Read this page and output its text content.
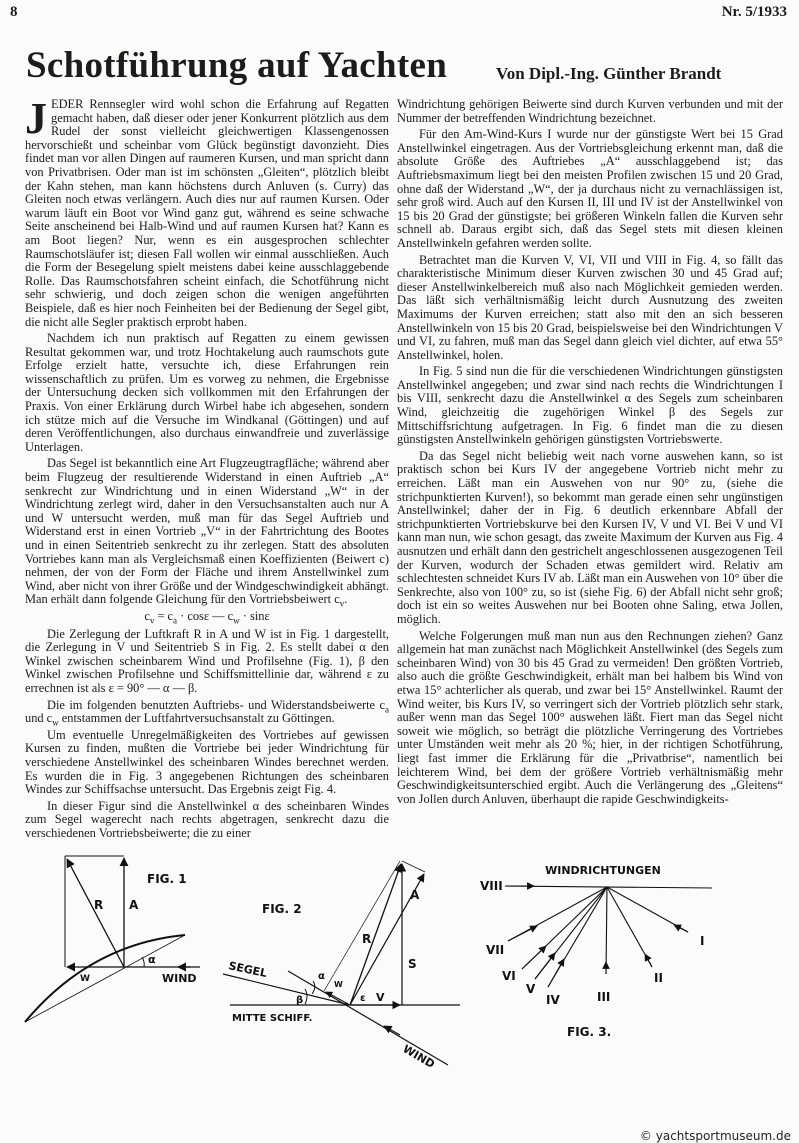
8	Nr. 5/1933
Schotführung auf Yachten	Von Dipl.-Ing. Günther Brandt

JEDER Rennsegler wird wohl schon die Erfahrung auf Regatten gemacht haben, daß dieser oder jener Konkurrent plötzlich aus dem Rudel der sonst vielleicht gleichwertigen Klassengenossen hervorschießt und scheinbar vom Glück begünstigt davonzieht. Dies findet man vor allen Dingen auf raumeren Kursen, und man spricht dann von Privatbrisen. Oder man ist im schönsten „Gleiten“, plötzlich bleibt der Kahn stehen, man kann höchstens durch Anluven (s. Curry) das Gleiten noch etwas verlängern. Auch dies nur auf raumen Kursen. Oder warum läuft ein Boot vor Wind ganz gut, während es seine schwache Seite anscheinend bei Halb-Wind und auf raumen Kursen hat? Kann es am Boot liegen? Nur, wenn es ein ausgesprochen schlechter Raumschotsläufer ist; diesen Fall wollen wir einmal ausschließen. Auch die Form der Besegelung spielt meistens dabei keine ausschlaggebende Rolle. Das Raumschotsfahren scheint einfach, die Schotführung nicht sehr schwierig, und doch zeigen schon die wenigen angeführten Beispiele, daß es hier noch Feinheiten bei der Bedienung der Segel gibt, die nicht alle Segler praktisch erprobt haben.

Nachdem ich nun praktisch auf Regatten zu einem gewissen Resultat gekommen war, und trotz Hochtakelung auch raumschots gute Erfolge erzielt hatte, versuchte ich, diese Erfahrungen rein wissenschaftlich zu prüfen. Um es vorweg zu nehmen, die Ergebnisse der Untersuchung decken sich vollkommen mit den Erfahrungen der Praxis. Von einer Erklärung durch Wirbel habe ich abgesehen, sondern ich stütze mich auf die Versuche im Windkanal (Göttingen) und auf deren Veröffentlichungen, also durchaus einwandfreie und zuverlässige Unterlagen.

Das Segel ist bekanntlich eine Art Flugzeugtragfläche; während aber beim Flugzeug der resultierende Widerstand in einen Auftrieb „A“ senkrecht zur Windrichtung und in einen Widerstand „W“ in der Windrichtung zerlegt wird, daher in den Versuchsanstalten auch nur A und W untersucht werden, muß man für das Segel Auftrieb und Widerstand erst in einen Vortrieb „V“ in der Fahrtrichtung des Bootes und in einen Seitentrieb senkrecht zu ihr zerlegen. Statt des absoluten Vortriebes kann man als Vergleichsmaß einen Koeffizienten (Beiwert c) nehmen, der von der Form der Fläche und ihrem Anstellwinkel zum Wind, aber nicht von ihrer Größe und der Windgeschwindigkeit abhängt. Man erhält dann folgende Gleichung für den Vortriebsbeiwert $c_v$.

$c_v = c_a \cdot \cos\varepsilon$ — $c_w \cdot \sin\varepsilon$

Die Zerlegung der Luftkraft R in A und W ist in Fig. 1 dargestellt, die Zerlegung in V und Seitentrieb S in Fig. 2. Es stellt dabei α den Winkel zwischen scheinbarem Wind und Profilsehne (Fig. 1), β den Winkel zwischen Profilsehne und Schiffsmittellinie dar, während ε zu errechnen ist als ε = 90° — α — β.

Die im folgenden benutzten Auftriebs- und Widerstandsbeiwerte $c_a$ und $c_w$ entstammen der Luftfahrtversuchsanstalt zu Göttingen.

Um eventuelle Unregelmäßigkeiten des Vortriebes auf gewissen Kursen zu finden, mußten die Vortriebe bei jeder Windrichtung für verschiedene Anstellwinkel des scheinbaren Windes berechnet werden. Es wurden die in Fig. 3 angegebenen Richtungen des scheinbaren Windes zur Schiffsachse untersucht. Das Ergebnis zeigt Fig. 4.

In dieser Figur sind die Anstellwinkel α des scheinbaren Windes zum Segel wagerecht nach rechts abgetragen, senkrecht dazu die verschiedenen Vortriebsbeiwerte; die zu einer

Windrichtung gehörigen Beiwerte sind durch Kurven verbunden und mit der Nummer der betreffenden Windrichtung bezeichnet.

Für den Am-Wind-Kurs I wurde nur der günstigste Wert bei 15 Grad Anstellwinkel eingetragen. Aus der Vortriebsgleichung erkennt man, daß die absolute Größe des Auftriebes „A“ ausschlaggebend ist; das Auftriebsmaximum liegt bei den meisten Profilen zwischen 15 und 20 Grad, ohne daß der Widerstand „W“, der ja durchaus nicht zu vernachlässigen ist, sehr groß wird. Auch auf den Kursen II, III und IV ist der Anstellwinkel von 15 bis 20 Grad der günstigste; bei größeren Winkeln fallen die Kurven sehr schnell ab. Daraus ergibt sich, daß das Segel stets mit diesen kleinen Anstellwinkeln gefahren werden sollte.

Betrachtet man die Kurven V, VI, VII und VIII in Fig. 4, so fällt das charakteristische Minimum dieser Kurven zwischen 30 und 45 Grad auf; dieser Anstellwinkelbereich muß also nach Möglichkeit gemieden werden. Das läßt sich verhältnismäßig leicht durch Ausnutzung des zweiten Maximums der Kurven erreichen; statt also mit den an sich besseren Anstellwinkeln von 15 bis 20 Grad, beispielsweise bei den Windrichtungen V und VI, zu fahren, muß man das Segel dann gleich viel dichter, auf etwa 55° Anstellwinkel, holen.

In Fig. 5 sind nun die für die verschiedenen Windrichtungen günstigsten Anstellwinkel angegeben; und zwar sind nach rechts die Windrichtungen I bis VIII, senkrecht dazu die Anstellwinkel α des Segels zum scheinbaren Wind, gleichzeitig die zugehörigen Winkel β des Segels zur Mittschiffsrichtung aufgetragen. In Fig. 6 findet man die zu diesen günstigsten Anstellwinkeln gehörigen günstigsten Vortriebswerte.

Da das Segel nicht beliebig weit nach vorne auswehen kann, so ist praktisch schon bei Kurs IV der angegebene Vortrieb nicht mehr zu erreichen. Läßt man ein Auswehen von nur 90° zu, (siehe die strichpunktierten Kurven!), so bekommt man gerade einen sehr ungünstigen Anstellwinkel; daher der in Fig. 6 deutlich erkennbare Abfall der strichpunktierten Vortriebskurve bei den Kursen IV, V und VI. Bei V und VI kann man nun, wie schon gesagt, das zweite Maximum der Kurven aus Fig. 4 ausnutzen und erhält dann den gestrichelt angeschlossenen ausgezogenen Teil der Kurven, wodurch der Schaden etwas gemildert wird. Relativ am schlechtesten schneidet Kurs IV ab. Läßt man ein Auswehen von 10° über die Senkrechte, also von 100° zu, so ist (siehe Fig. 6) der Abfall nicht sehr groß; doch ist ein so weites Auswehen nur bei Booten ohne Saling, etwa Jollen, möglich.

Welche Folgerungen muß man nun aus den Rechnungen ziehen? Ganz allgemein hat man zunächst nach Möglichkeit Anstellwinkel (des Segels zum scheinbaren Wind) von 30 bis 45 Grad zu vermeiden! Den größten Vortrieb, also auch die größte Geschwindigkeit, erhält man bei halbem bis Wind von etwa 15° achterlicher als querab, und zwar bei 15° Anstellwinkel. Raumt der Wind weiter, bis Kurs IV, so verringert sich der Vortrieb plötzlich sehr stark, außer wenn man das Segel 100° auswehen läßt. Fiert man das Segel nicht soweit wie möglich, so beträgt die plötzliche Verringerung des Vortriebes unter Umständen weit mehr als 20 %; hier, in der richtigen Schotführung, liegt fast immer die Erklärung für die „Privatbrise“, namentlich bei leichterem Wind, bei dem der größere Vortrieb verhältnismäßig mehr Geschwindigkeitsunterschied ergibt. Auch die Verlängerung des „Gleitens“ von Jollen durch Anluven, überhaupt die rapide Geschwindigkeits-

FIG. 1
R A
W
α
WIND
FIG. 2
R
A
S
W
V
ε
α
β
SEGEL
MITTE SCHIFF.
WIND
WINDRICHTUNGEN
I
II
III
IV
V
VI
VII
VIII
FIG. 3.
© yachtsportmuseum.de
